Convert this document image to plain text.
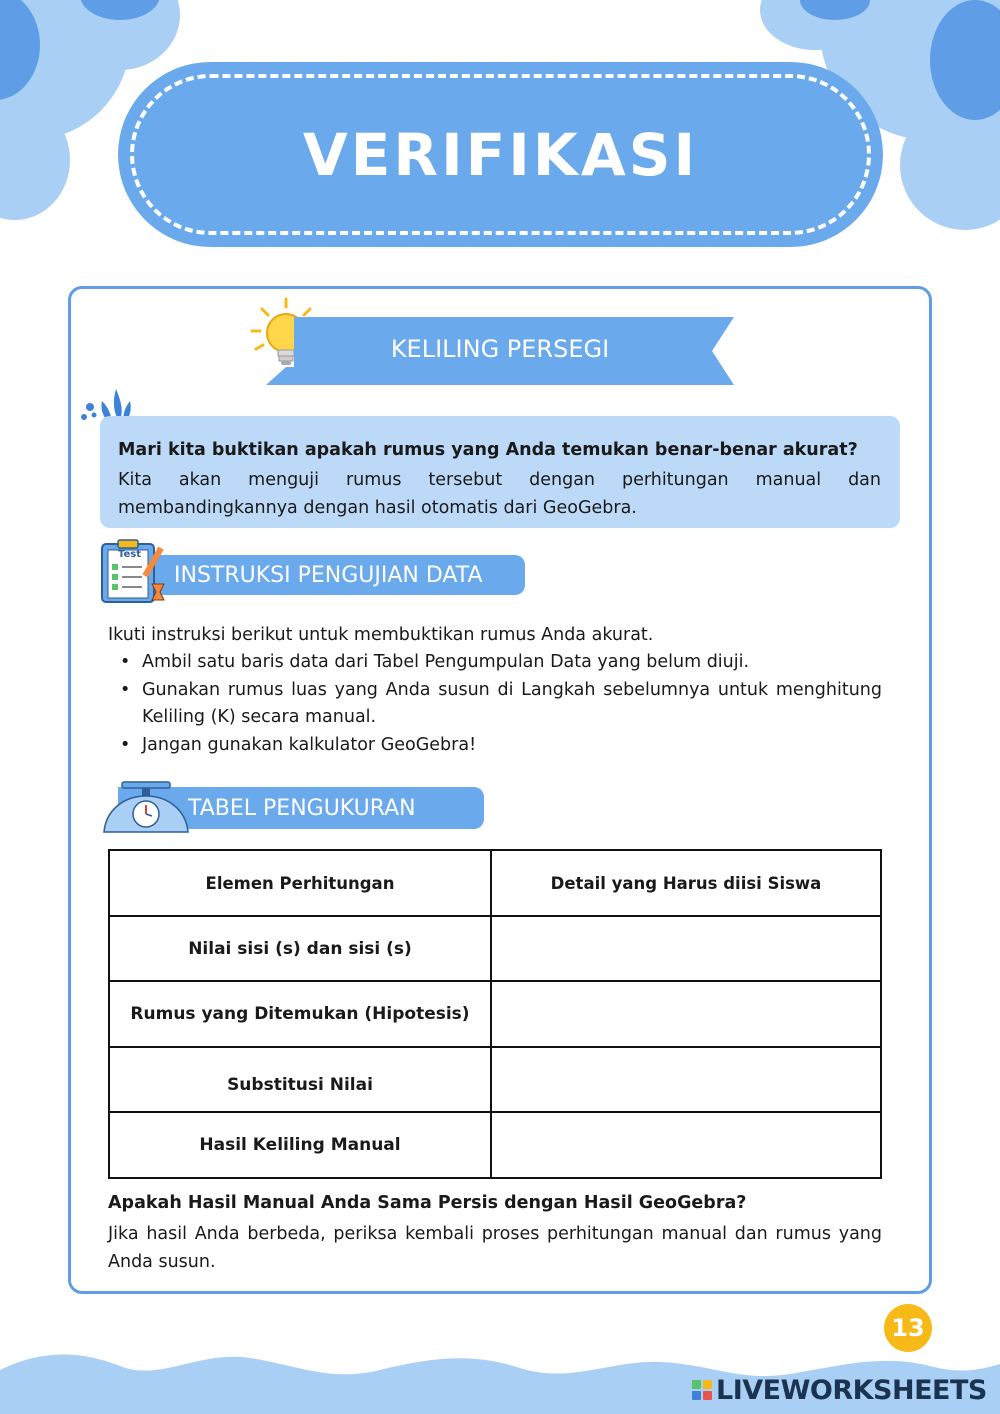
VERIFIKASI
KELILING PERSEGI
Mari kita buktikan apakah rumus yang Anda temukan benar-benar akurat?
Kita akan menguji rumus tersebut dengan perhitungan manual dan membandingkannya dengan hasil otomatis dari GeoGebra.
INSTRUKSI PENGUJIAN DATA
Test
Ikuti instruksi berikut untuk membuktikan rumus Anda akurat.
• Ambil satu baris data dari Tabel Pengumpulan Data yang belum diuji.
• Gunakan rumus luas yang Anda susun di Langkah sebelumnya untuk menghitung Keliling (K) secara manual.
• Jangan gunakan kalkulator GeoGebra!
TABEL PENGUKURAN
Elemen Perhitungan	Detail yang Harus diisi Siswa
Nilai sisi (s) dan sisi (s)	
Rumus yang Ditemukan (Hipotesis)	
Substitusi Nilai	
Hasil Keliling Manual	
Apakah Hasil Manual Anda Sama Persis dengan Hasil GeoGebra?
Jika hasil Anda berbeda, periksa kembali proses perhitungan manual dan rumus yang Anda susun.
13
LIVEWORKSHEETS
